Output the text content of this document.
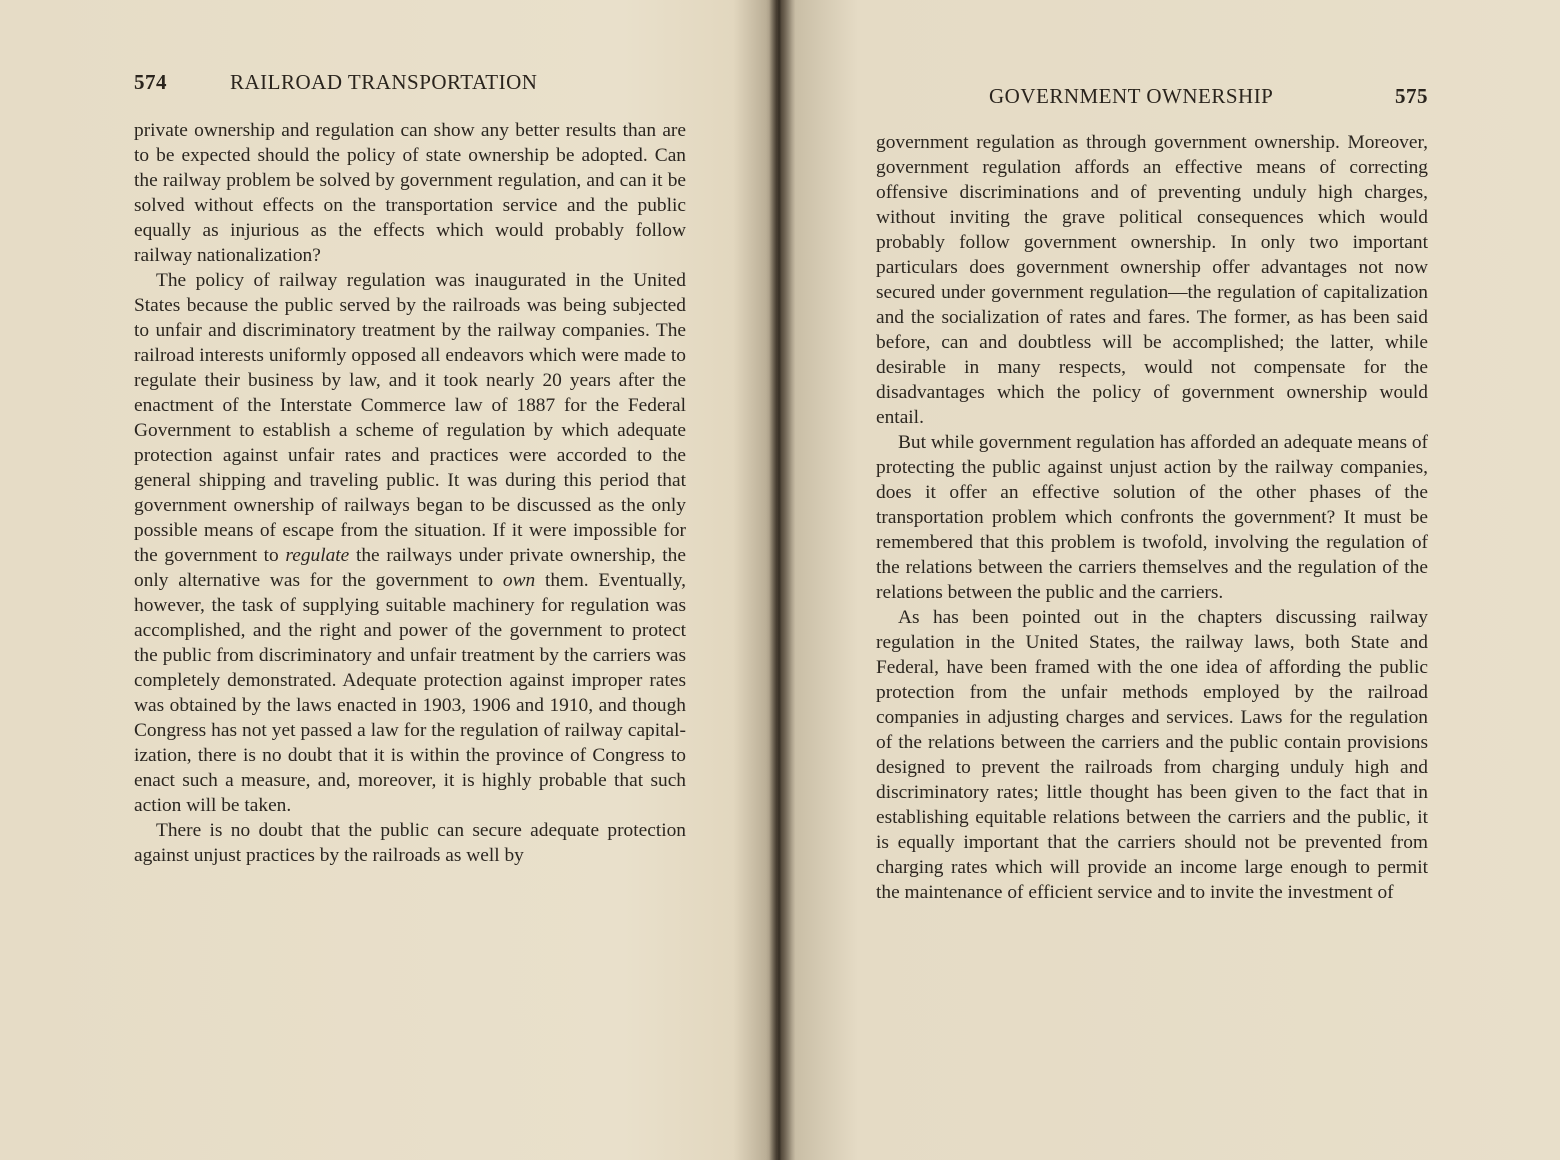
574	RAILROAD TRANSPORTATION

private ownership and regulation can show any better results than are to be expected should the policy of state ownership be adopted. Can the railway problem be solved by government regulation, and can it be solved without effects on the transportation service and the public equally as injurious as the effects which would probably follow railway nationalization?

The policy of railway regulation was inaugurated in the United States because the public served by the railroads was being subjected to unfair and discriminatory treatment by the railway companies. The railroad interests uniformly opposed all endeavors which were made to regulate their business by law, and it took nearly 20 years after the enactment of the Interstate Commerce law of 1887 for the Federal Government to establish a scheme of regulation by which adequate protection against unfair rates and practices were accorded to the general shipping and traveling public. It was during this period that government ownership of railways began to be discussed as the only possible means of escape from the situation. If it were impossible for the government to regulate the railways under private ownership, the only alternative was for the government to own them. Eventually, however, the task of supplying suitable machinery for regulation was accomplished, and the right and power of the government to protect the public from discriminatory and unfair treatment by the carriers was completely demonstrated. Adequate protection against improper rates was obtained by the laws enacted in 1903, 1906 and 1910, and though Congress has not yet passed a law for the regulation of railway capitalization, there is no doubt that it is within the province of Congress to enact such a measure, and, moreover, it is highly probable that such action will be taken.

There is no doubt that the public can secure adequate protection against unjust practices by the railroads as well by

GOVERNMENT OWNERSHIP	575

government regulation as through government ownership. Moreover, government regulation affords an effective means of correcting offensive discriminations and of preventing unduly high charges, without inviting the grave political consequences which would probably follow government ownership. In only two important particulars does government ownership offer advantages not now secured under government regulation—the regulation of capitalization and the socialization of rates and fares. The former, as has been said before, can and doubtless will be accomplished; the latter, while desirable in many respects, would not compensate for the disadvantages which the policy of government ownership would entail.

But while government regulation has afforded an adequate means of protecting the public against unjust action by the railway companies, does it offer an effective solution of the other phases of the transportation problem which confronts the government? It must be remembered that this problem is twofold, involving the regulation of the relations between the carriers themselves and the regulation of the relations between the public and the carriers.

As has been pointed out in the chapters discussing railway regulation in the United States, the railway laws, both State and Federal, have been framed with the one idea of affording the public protection from the unfair methods employed by the railroad companies in adjusting charges and services. Laws for the regulation of the relations between the carriers and the public contain provisions designed to prevent the railroads from charging unduly high and discriminatory rates; little thought has been given to the fact that in establishing equitable relations between the carriers and the public, it is equally important that the carriers should not be prevented from charging rates which will provide an income large enough to permit the maintenance of efficient service and to invite the investment of
